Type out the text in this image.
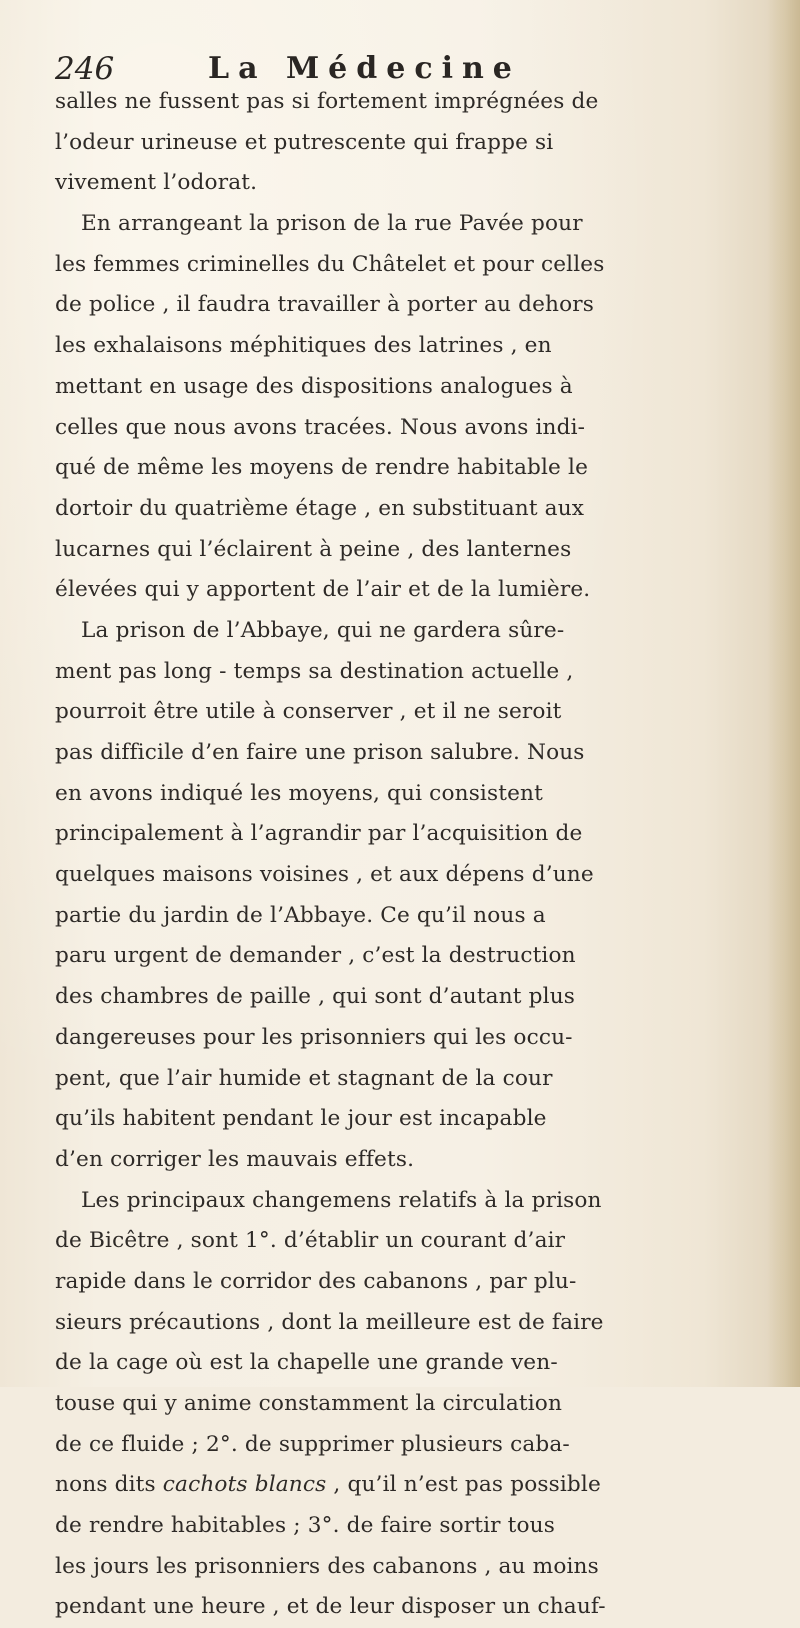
246	La Médecine
salles ne fussent pas si fortement imprégnées de
l’odeur urineuse et putrescente qui frappe si
vivement l’odorat.
En arrangeant la prison de la rue Pavée pour
les femmes criminelles du Châtelet et pour celles
de police , il faudra travailler à porter au dehors
les exhalaisons méphitiques des latrines , en
mettant en usage des dispositions analogues à
celles que nous avons tracées. Nous avons indi-
qué de même les moyens de rendre habitable le
dortoir du quatrième étage , en substituant aux
lucarnes qui l’éclairent à peine , des lanternes
élevées qui y apportent de l’air et de la lumière.
La prison de l’Abbaye, qui ne gardera sûre-
ment pas long - temps sa destination actuelle ,
pourroit être utile à conserver , et il ne seroit
pas difficile d’en faire une prison salubre. Nous
en avons indiqué les moyens, qui consistent
principalement à l’agrandir par l’acquisition de
quelques maisons voisines , et aux dépens d’une
partie du jardin de l’Abbaye. Ce qu’il nous a
paru urgent de demander , c’est la destruction
des chambres de paille , qui sont d’autant plus
dangereuses pour les prisonniers qui les occu-
pent, que l’air humide et stagnant de la cour
qu’ils habitent pendant le jour est incapable
d’en corriger les mauvais effets.
Les principaux changemens relatifs à la prison
de Bicêtre , sont 1°. d’établir un courant d’air
rapide dans le corridor des cabanons , par plu-
sieurs précautions , dont la meilleure est de faire
de la cage où est la chapelle une grande ven-
touse qui y anime constamment la circulation
de ce fluide ; 2°. de supprimer plusieurs caba-
nons dits cachots blancs , qu’il n’est pas possible
de rendre habitables ; 3°. de faire sortir tous
les jours les prisonniers des cabanons , au moins
pendant une heure , et de leur disposer un chauf-
